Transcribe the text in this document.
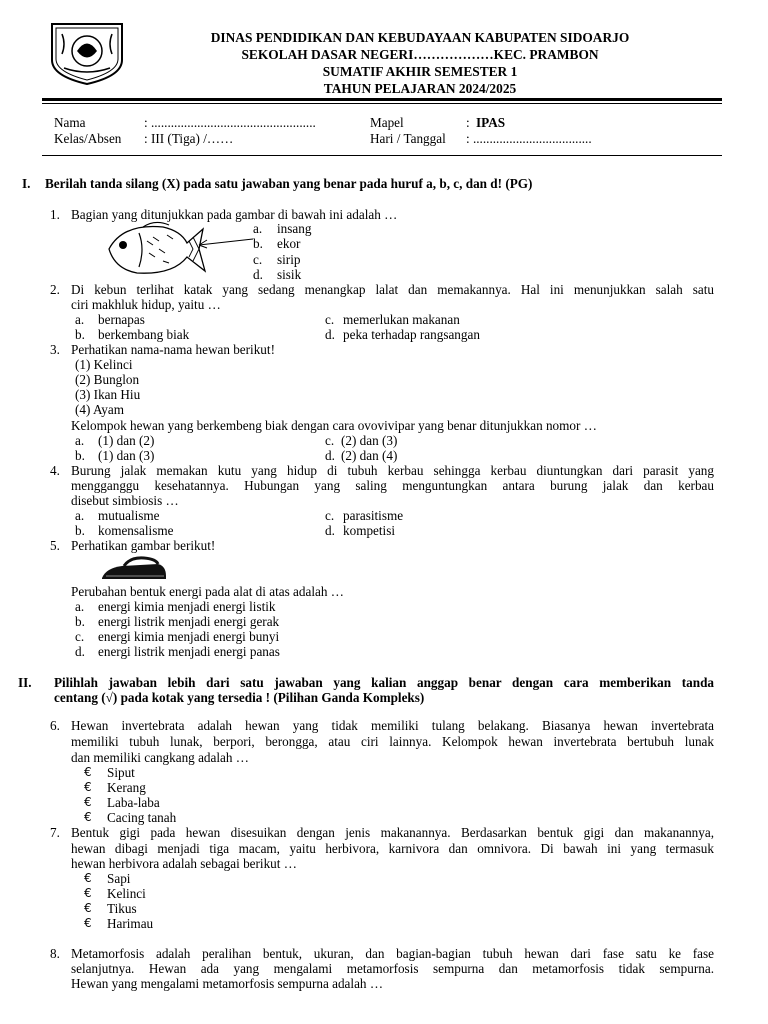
DINAS PENDIDIKAN DAN KEBUDAYAAN KABUPATEN SIDOARJO
SEKOLAH DASAR NEGERI………………KEC. PRAMBON
SUMATIF AKHIR SEMESTER 1
TAHUN PELAJARAN 2024/2025
Nama	: ..................................................
Kelas/Absen : III (Tiga) /……
Mapel	: IPAS
Hari / Tanggal : ....................................
I. Berilah tanda silang (X) pada satu jawaban yang benar pada huruf a, b, c, dan d! (PG)
1. Bagian yang ditunjukkan pada gambar di bawah ini adalah …
a. insang
b. ekor
c. sirip
d. sisik
2. Di kebun terlihat katak yang sedang menangkap lalat dan memakannya. Hal ini menunjukkan salah satu
ciri makhluk hidup, yaitu …
a. bernapas
b. berkembang biak
c. memerlukan makanan
d. peka terhadap rangsangan
3. Perhatikan nama-nama hewan berikut!
(1) Kelinci
(2) Bunglon
(3) Ikan Hiu
(4) Ayam
Kelompok hewan yang berkembeng biak dengan cara ovovivipar yang benar ditunjukkan nomor …
a. (1) dan (2)
b. (1) dan (3)
c. (2) dan (3)
d. (2) dan (4)
4. Burung jalak memakan kutu yang hidup di tubuh kerbau sehingga kerbau diuntungkan dari parasit yang
mengganggu kesehatannya. Hubungan yang saling menguntungkan antara burung jalak dan kerbau
disebut simbiosis …
a. mutualisme
b. komensalisme
c. parasitisme
d. kompetisi
5. Perhatikan gambar berikut!
Perubahan bentuk energi pada alat di atas adalah …
a. energi kimia menjadi energi listik
b. energi listrik menjadi energi gerak
c. energi kimia menjadi energi bunyi
d. energi listrik menjadi energi panas
II. Pilihlah jawaban lebih dari satu jawaban yang kalian anggap benar dengan cara memberikan tanda
centang (√) pada kotak yang tersedia ! (Pilihan Ganda Kompleks)
6. Hewan invertebrata adalah hewan yang tidak memiliki tulang belakang. Biasanya hewan invertebrata
memiliki tubuh lunak, berpori, berongga, atau ciri lainnya. Kelompok hewan invertebrata bertubuh lunak
dan memiliki cangkang adalah …
€ Siput
€ Kerang
€ Laba-laba
€ Cacing tanah
7. Bentuk gigi pada hewan disesuikan dengan jenis makanannya. Berdasarkan bentuk gigi dan makanannya,
hewan dibagi menjadi tiga macam, yaitu herbivora, karnivora dan omnivora. Di bawah ini yang termasuk
hewan herbivora adalah sebagai berikut …
€ Sapi
€ Kelinci
€ Tikus
€ Harimau
8. Metamorfosis adalah peralihan bentuk, ukuran, dan bagian-bagian tubuh hewan dari fase satu ke fase
selanjutnya. Hewan ada yang mengalami metamorfosis sempurna dan metamorfosis tidak sempurna.
Hewan yang mengalami metamorfosis sempurna adalah …
